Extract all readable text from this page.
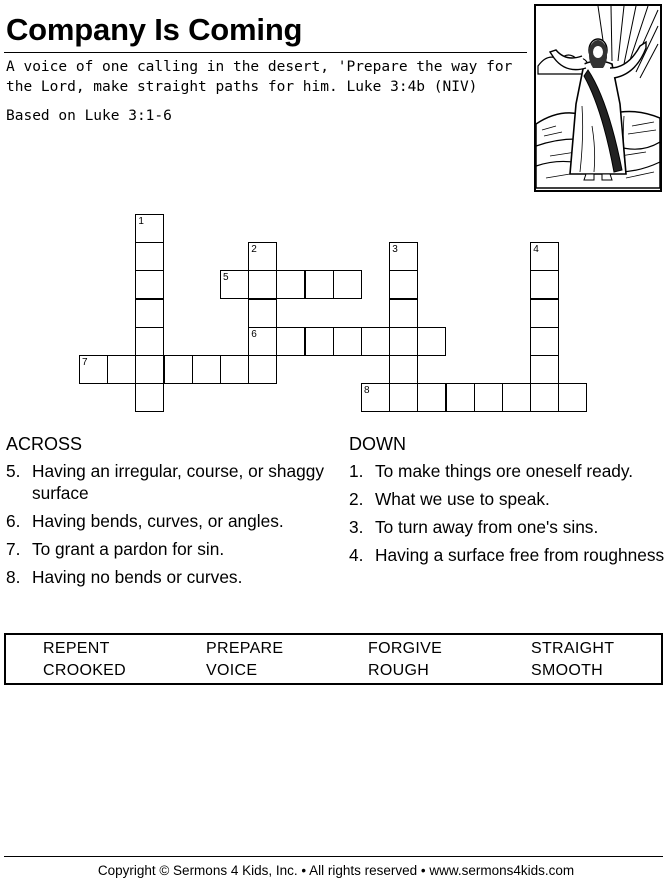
Company Is Coming
A voice of one calling in the desert, 'Prepare the way for the Lord, make straight paths for him. Luke 3:4b (NIV)
Based on Luke 3:1-6
1
2	3	4
5
6
7
8
ACROSS
5. Having an irregular, course, or shaggy surface
6. Having bends, curves, or angles.
7. To grant a pardon for sin.
8. Having no bends or curves.
DOWN
1. To make things ore oneself ready.
2. What we use to speak.
3. To turn away from one's sins.
4. Having a surface free from roughness
REPENT	PREPARE	FORGIVE	STRAIGHT
CROOKED	VOICE	ROUGH	SMOOTH
Copyright © Sermons 4 Kids, Inc. • All rights reserved • www.sermons4kids.com
